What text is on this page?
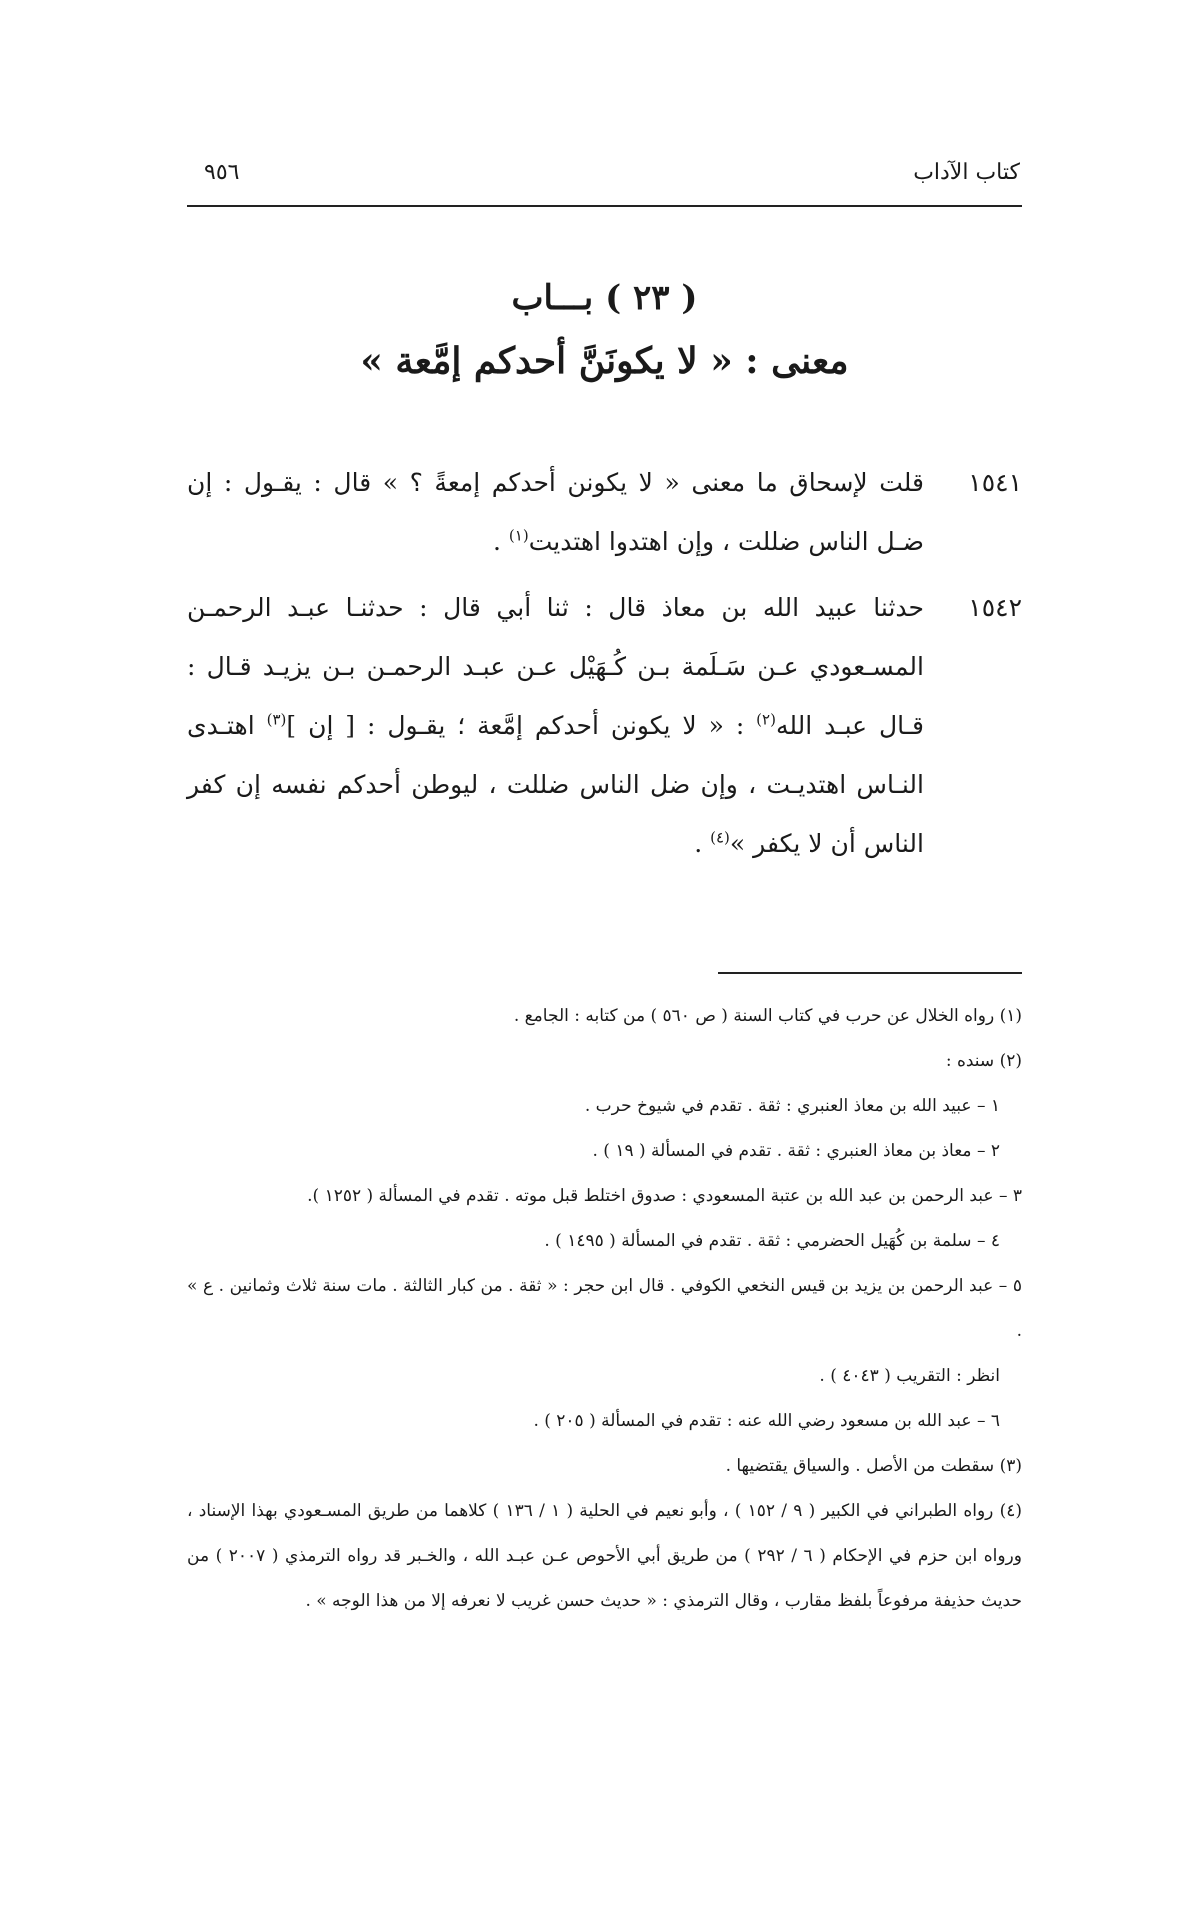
كتاب الآداب
٩٥٦
( ٢٣ ) بـــاب
معنى : « لا يكونَنَّ أحدكم إمَّعة »
١٥٤١
قلت لإسحاق ما معنى « لا يكونن أحدكم إمعةً ؟ » قال : يقـول : إن ضـل الناس ضللت ، وإن اهتدوا اهتديت$^{(١)}$ .
١٥٤٢
حدثنا عبيد الله بن معاذ قال : ثنا أبي قال : حدثنـا عبـد الرحمـن المسـعودي عـن سَـلَمة بـن كُـهَيْل عـن عبـد الرحمـن بـن يزيـد قـال : قـال عبـد الله$^{(٢)}$ : « لا يكونن أحدكم إمَّعة ؛ يقـول : [ إن ]$^{(٣)}$ اهتـدى النـاس اهتديـت ، وإن ضل الناس ضللت ، ليوطن أحدكم نفسه إن كفر الناس أن لا يكفر »$^{(٤)}$ .

(١) رواه الخلال عن حرب في كتاب السنة ( ص ٥٦٠ ) من كتابه : الجامع .

(٢) سنده :

١ – عبيد الله بن معاذ العنبري : ثقة . تقدم في شيوخ حرب .

٢ – معاذ بن معاذ العنبري : ثقة . تقدم في المسألة ( ١٩ ) .

٣ – عبد الرحمن بن عبد الله بن عتبة المسعودي : صدوق اختلط قبل موته . تقدم في المسألة ( ١٢٥٢ ).

٤ – سلمة بن كُهَيل الحضرمي : ثقة . تقدم في المسألة ( ١٤٩٥ ) .

٥ – عبد الرحمن بن يزيد بن قيس النخعي الكوفي . قال ابن حجر : « ثقة . من كبار الثالثة . مات سنة ثلاث وثمانين . ع » .

انظر : التقريب ( ٤٠٤٣ ) .

٦ – عبد الله بن مسعود رضي الله عنه : تقدم في المسألة ( ٢٠٥ ) .

(٣) سقطت من الأصل . والسياق يقتضيها .

(٤) رواه الطبراني في الكبير ( ٩ / ١٥٢ ) ، وأبو نعيم في الحلية ( ١ / ١٣٦ ) كلاهما من طريق المسـعودي بهذا الإسناد ، ورواه ابن حزم في الإحكام ( ٦ / ٢٩٢ ) من طريق أبي الأحوص عـن عبـد الله ، والخـبر قد رواه الترمذي ( ٢٠٠٧ ) من حديث حذيفة مرفوعاً بلفظ مقارب ، وقال الترمذي : « حديث حسن غريب لا نعرفه إلا من هذا الوجه » .
